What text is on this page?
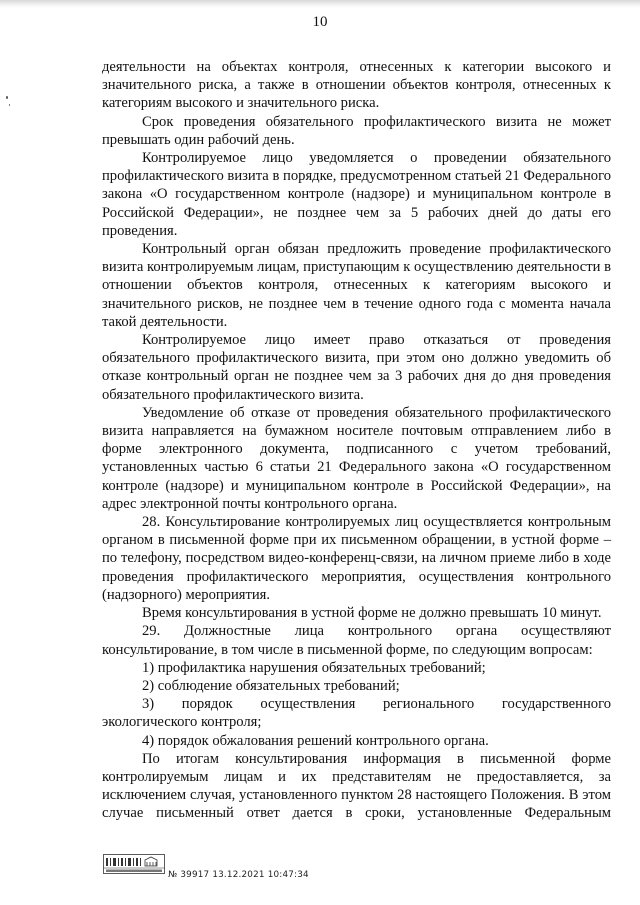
10

деятельности на объектах контроля, отнесенных к категории высокого и значительного риска, а также в отношении объектов контроля, отнесенных к категориям высокого и значительного риска.

Срок проведения обязательного профилактического визита не может превышать один рабочий день.

Контролируемое лицо уведомляется о проведении обязательного профилактического визита в порядке, предусмотренном статьей 21 Федерального закона «О государственном контроле (надзоре) и муниципальном контроле в Российской Федерации», не позднее чем за 5 рабочих дней до даты его проведения.

Контрольный орган обязан предложить проведение профилактического визита контролируемым лицам, приступающим к осуществлению деятельности в отношении объектов контроля, отнесенных к категориям высокого и значительного рисков, не позднее чем в течение одного года с момента начала такой деятельности.

Контролируемое лицо имеет право отказаться от проведения обязательного профилактического визита, при этом оно должно уведомить об отказе контрольный орган не позднее чем за 3 рабочих дня до дня проведения обязательного профилактического визита.

Уведомление об отказе от проведения обязательного профилактического визита направляется на бумажном носителе почтовым отправлением либо в форме электронного документа, подписанного с учетом требований, установленных частью 6 статьи 21 Федерального закона «О государственном контроле (надзоре) и муниципальном контроле в Российской Федерации», на адрес электронной почты контрольного органа.

28. Консультирование контролируемых лиц осуществляется контрольным органом в письменной форме при их письменном обращении, в устной форме – по телефону, посредством видео-конференц-связи, на личном приеме либо в ходе проведения профилактического мероприятия, осуществления контрольного (надзорного) мероприятия.

Время консультирования в устной форме не должно превышать 10 минут.

29. Должностные лица контрольного органа осуществляют консультирование, в том числе в письменной форме, по следующим вопросам:

1) профилактика нарушения обязательных требований;

2) соблюдение обязательных требований;

3) порядок осуществления регионального государственного экологического контроля;

4) порядок обжалования решений контрольного органа.

По итогам консультирования информация в письменной форме контролируемым лицам и их представителям не предоставляется, за исключением случая, установленного пунктом 28 настоящего Положения. В этом случае письменный ответ дается в сроки, установленные Федеральным

№ 39917 13.12.2021 10:47:34
